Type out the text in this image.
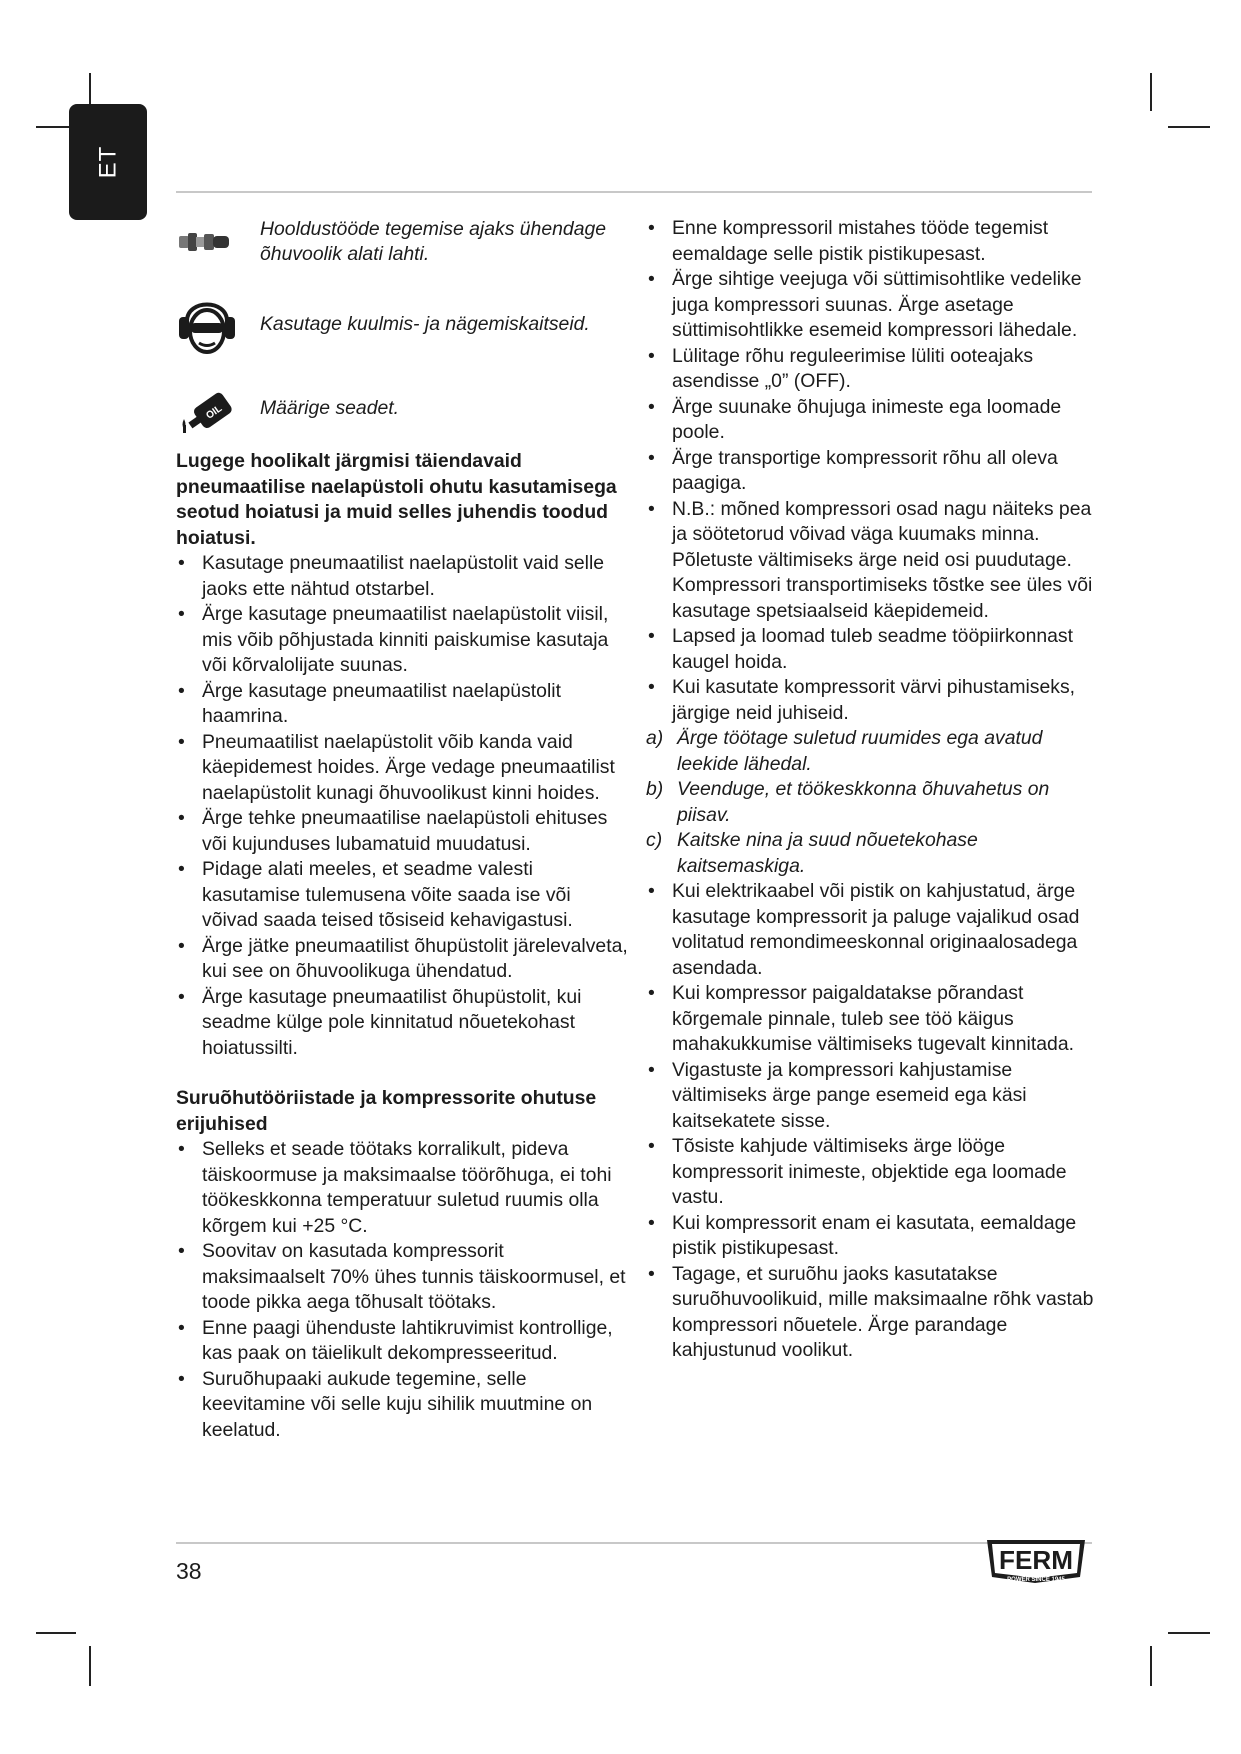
ET
Hooldustööde tegemise ajaks ühendage õhuvoolik alati lahti.
Kasutage kuulmis- ja nägemiskaitseid.
OIL Määrige seadet.
Lugege hoolikalt järgmisi täiendavaid pneumaatilise naelapüstoli ohutu kasutamisega seotud hoiatusi ja muid selles juhendis toodud hoiatusi.
• Kasutage pneumaatilist naelapüstolit vaid selle jaoks ette nähtud otstarbel.
• Ärge kasutage pneumaatilist naelapüstolit viisil, mis võib põhjustada kinniti paiskumise kasutaja või kõrvalolijate suunas.
• Ärge kasutage pneumaatilist naelapüstolit haamrina.
• Pneumaatilist naelapüstolit võib kanda vaid käepidemest hoides. Ärge vedage pneumaatilist naelapüstolit kunagi õhuvoolikust kinni hoides.
• Ärge tehke pneumaatilise naelapüstoli ehituses või kujunduses lubamatuid muudatusi.
• Pidage alati meeles, et seadme valesti kasutamise tulemusena võite saada ise või võivad saada teised tõsiseid kehavigastusi.
• Ärge jätke pneumaatilist õhupüstolit järelevalveta, kui see on õhuvoolikuga ühendatud.
• Ärge kasutage pneumaatilist õhupüstolit, kui seadme külge pole kinnitatud nõuetekohast hoiatussilti.
Suruõhutööriistade ja kompressorite ohutuse erijuhised
• Selleks et seade töötaks korralikult, pideva täiskoormuse ja maksimaalse töörõhuga, ei tohi töökeskkonna temperatuur suletud ruumis olla kõrgem kui +25 °C.
• Soovitav on kasutada kompressorit maksimaalselt 70% ühes tunnis täiskoormusel, et toode pikka aega tõhusalt töötaks.
• Enne paagi ühenduste lahtikruvimist kontrollige, kas paak on täielikult dekompresseeritud.
• Suruõhupaaki aukude tegemine, selle keevitamine või selle kuju sihilik muutmine on keelatud.
• Enne kompressoril mistahes tööde tegemist eemaldage selle pistik pistikupesast.
• Ärge sihtige veejuga või süttimisohtlike vedelike juga kompressori suunas. Ärge asetage süttimisohtlikke esemeid kompressori lähedale.
• Lülitage rõhu reguleerimise lüliti ooteajaks asendisse „0” (OFF).
• Ärge suunake õhujuga inimeste ega loomade poole.
• Ärge transportige kompressorit rõhu all oleva paagiga.
• N.B.: mõned kompressori osad nagu näiteks pea ja söötetorud võivad väga kuumaks minna. Põletuste vältimiseks ärge neid osi puudutage. Kompressori transportimiseks tõstke see üles või kasutage spetsiaalseid käepidemeid.
• Lapsed ja loomad tuleb seadme tööpiirkonnast kaugel hoida.
• Kui kasutate kompressorit värvi pihustamiseks, järgige neid juhiseid.
a) Ärge töötage suletud ruumides ega avatud leekide lähedal.
b) Veenduge, et töökeskkonna õhuvahetus on piisav.
c) Kaitske nina ja suud nõuetekohase kaitsemaskiga.
• Kui elektrikaabel või pistik on kahjustatud, ärge kasutage kompressorit ja paluge vajalikud osad volitatud remondimeeskonnal originaalosadega asendada.
• Kui kompressor paigaldatakse põrandast kõrgemale pinnale, tuleb see töö käigus mahakukkumise vältimiseks tugevalt kinnitada.
• Vigastuste ja kompressori kahjustamise vältimiseks ärge pange esemeid ega käsi kaitsekatete sisse.
• Tõsiste kahjude vältimiseks ärge lööge kompressorit inimeste, objektide ega loomade vastu.
• Kui kompressorit enam ei kasutata, eemaldage pistik pistikupesast.
• Tagage, et suruõhu jaoks kasutatakse suruõhuvoolikuid, mille maksimaalne rõhk vastab kompressori nõuetele. Ärge parandage kahjustunud voolikut.
38	FERM
POWER SINCE 1945
